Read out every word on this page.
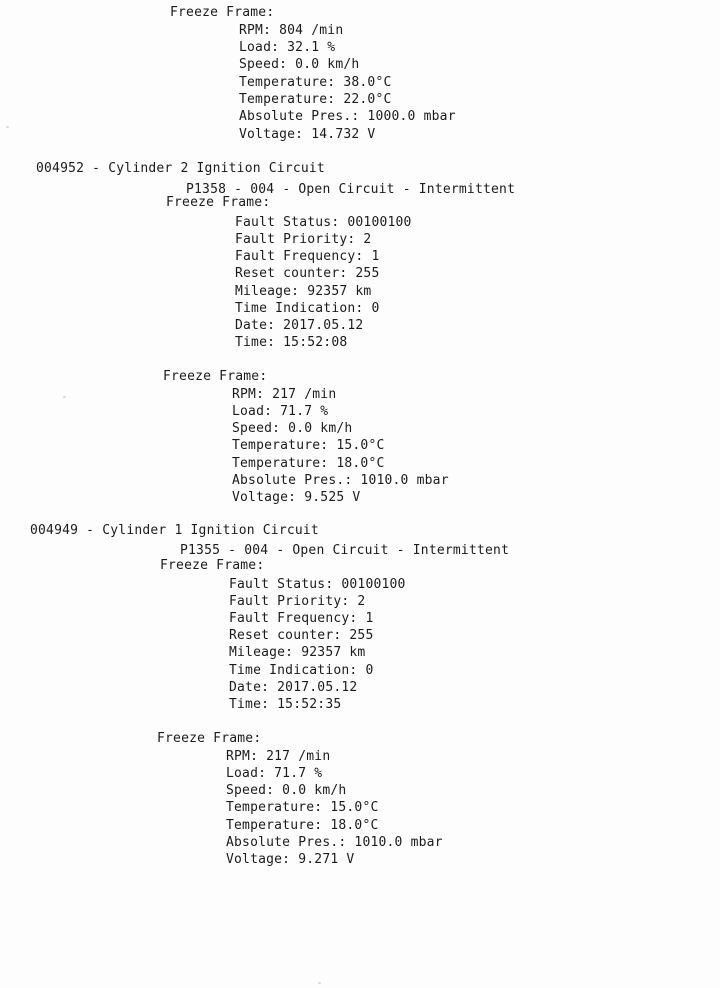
Freeze Frame:
RPM: 804 /min
Load: 32.1 %
Speed: 0.0 km/h
Temperature: 38.0°C
Temperature: 22.0°C
Absolute Pres.: 1000.0 mbar
Voltage: 14.732 V
004952 - Cylinder 2 Ignition Circuit
P1358 - 004 - Open Circuit - Intermittent
Freeze Frame:
Fault Status: 00100100
Fault Priority: 2
Fault Frequency: 1
Reset counter: 255
Mileage: 92357 km
Time Indication: 0
Date: 2017.05.12
Time: 15:52:08
Freeze Frame:
RPM: 217 /min
Load: 71.7 %
Speed: 0.0 km/h
Temperature: 15.0°C
Temperature: 18.0°C
Absolute Pres.: 1010.0 mbar
Voltage: 9.525 V
004949 - Cylinder 1 Ignition Circuit
P1355 - 004 - Open Circuit - Intermittent
Freeze Frame:
Fault Status: 00100100
Fault Priority: 2
Fault Frequency: 1
Reset counter: 255
Mileage: 92357 km
Time Indication: 0
Date: 2017.05.12
Time: 15:52:35
Freeze Frame:
RPM: 217 /min
Load: 71.7 %
Speed: 0.0 km/h
Temperature: 15.0°C
Temperature: 18.0°C
Absolute Pres.: 1010.0 mbar
Voltage: 9.271 V
